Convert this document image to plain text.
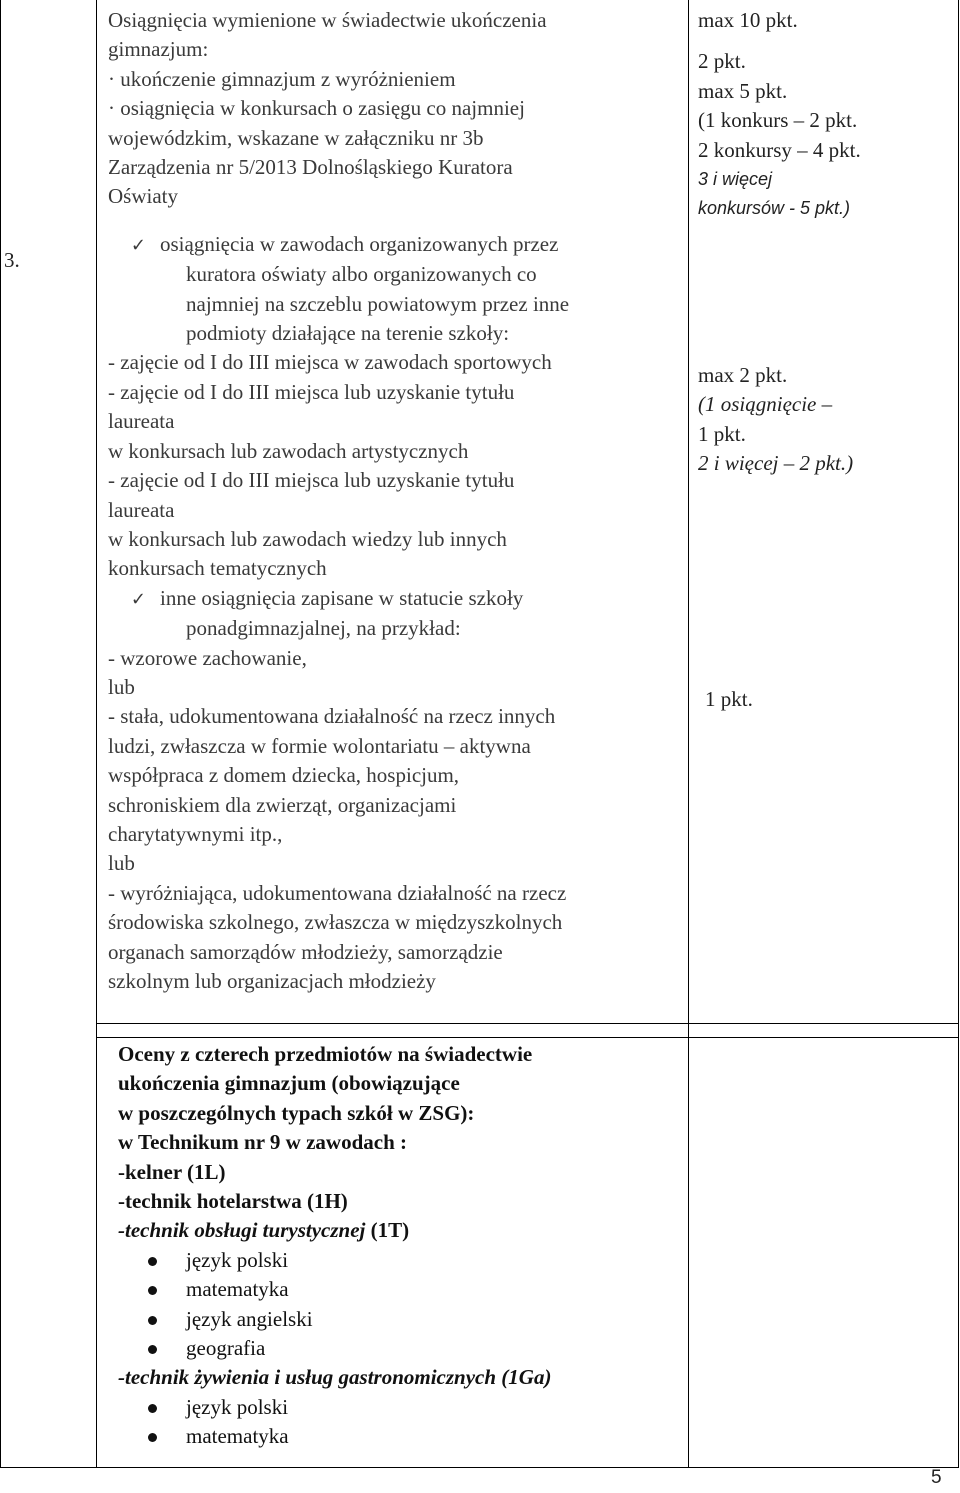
3.
Osiągnięcia wymienione w świadectwie ukończenia
gimnazjum:
· ukończenie gimnazjum z wyróżnieniem
· osiągnięcia w konkursach o zasięgu co najmniej
wojewódzkim, wskazane w załączniku nr 3b
Zarządzenia nr 5/2013 Dolnośląskiego Kuratora
Oświaty
✓ osiągnięcia w zawodach organizowanych przez
kuratora oświaty albo organizowanych co
najmniej na szczeblu powiatowym przez inne
podmioty działające na terenie szkoły:
- zajęcie od I do III miejsca w zawodach sportowych
- zajęcie od I do III miejsca lub uzyskanie tytułu
laureata
w konkursach lub zawodach artystycznych
- zajęcie od I do III miejsca lub uzyskanie tytułu
laureata
w konkursach lub zawodach wiedzy lub innych
konkursach tematycznych
✓ inne osiągnięcia zapisane w statucie szkoły
ponadgimnazjalnej, na przykład:
- wzorowe zachowanie,
lub
- stała, udokumentowana działalność na rzecz innych
ludzi, zwłaszcza w formie wolontariatu – aktywna
współpraca z domem dziecka, hospicjum,
schroniskiem dla zwierząt, organizacjami
charytatywnymi itp.,
lub
- wyróżniająca, udokumentowana działalność na rzecz
środowiska szkolnego, zwłaszcza w międzyszkolnych
organach samorządów młodzieży, samorządzie
szkolnym lub organizacjach młodzieży
max 10 pkt.
2 pkt.
max 5 pkt.
(1 konkurs – 2 pkt.
2 konkursy – 4 pkt.
3 i więcej
konkursów - 5 pkt.)
max 2 pkt.
(1 osiągnięcie –
1 pkt.
2 i więcej – 2 pkt.)
1 pkt.
Oceny z czterech przedmiotów na świadectwie
ukończenia gimnazjum (obowiązujące
w poszczególnych typach szkół w ZSG):
w Technikum nr 9 w zawodach :
-kelner (1L)
-technik hotelarstwa (1H)
-technik obsługi turystycznej (1T)
język polski
matematyka
język angielski
geografia
-technik żywienia i usług gastronomicznych (1Ga)
język polski
matematyka
5
